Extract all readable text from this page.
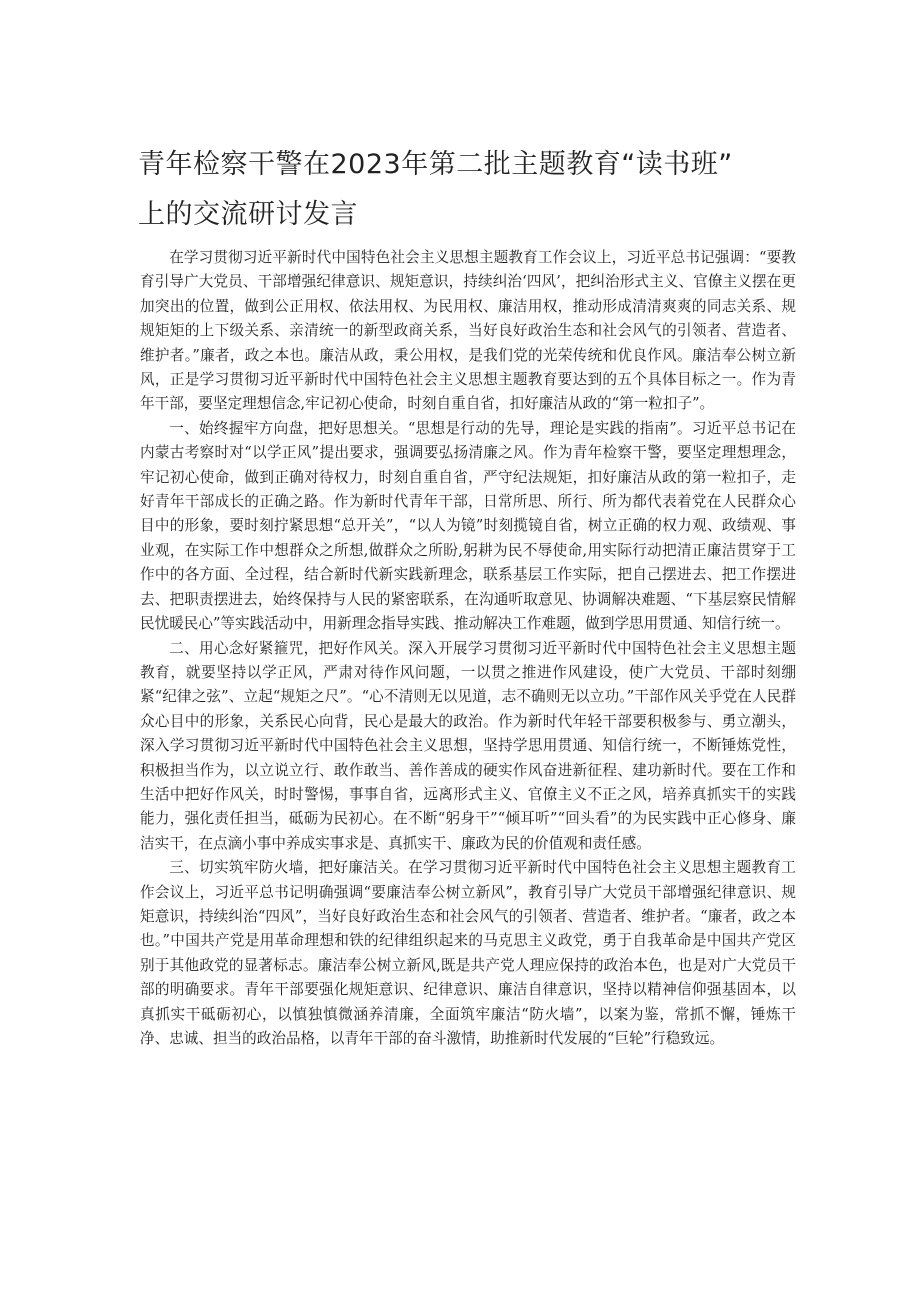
青年检察干警在2023年第二批主题教育“读书班”
上的交流研讨发言

在学习贯彻习近平新时代中国特色社会主义思想主题教育工作会议上，习近平总书记强调：“要教育引导广大党员、干部增强纪律意识、规矩意识，持续纠治‘四风’，把纠治形式主义、官僚主义摆在更加突出的位置，做到公正用权、依法用权、为民用权、廉洁用权，推动形成清清爽爽的同志关系、规规矩矩的上下级关系、亲清统一的新型政商关系，当好良好政治生态和社会风气的引领者、营造者、维护者。”廉者，政之本也。廉洁从政，秉公用权，是我们党的光荣传统和优良作风。廉洁奉公树立新风，正是学习贯彻习近平新时代中国特色社会主义思想主题教育要达到的五个具体目标之一。作为青年干部，要坚定理想信念,牢记初心使命，时刻自重自省，扣好廉洁从政的“第一粒扣子”。

一、始终握牢方向盘，把好思想关。“思想是行动的先导，理论是实践的指南”。习近平总书记在内蒙古考察时对“以学正风”提出要求，强调要弘扬清廉之风。作为青年检察干警，要坚定理想理念，牢记初心使命，做到正确对待权力，时刻自重自省，严守纪法规矩，扣好廉洁从政的第一粒扣子，走好青年干部成长的正确之路。作为新时代青年干部，日常所思、所行、所为都代表着党在人民群众心目中的形象，要时刻拧紧思想“总开关”，“以人为镜”时刻揽镜自省，树立正确的权力观、政绩观、事业观，在实际工作中想群众之所想,做群众之所盼,躬耕为民不辱使命,用实际行动把清正廉洁贯穿于工作中的各方面、全过程，结合新时代新实践新理念，联系基层工作实际，把自己摆进去、把工作摆进去、把职责摆进去，始终保持与人民的紧密联系，在沟通听取意见、协调解决难题、“下基层察民情解民忧暖民心”等实践活动中，用新理念指导实践、推动解决工作难题，做到学思用贯通、知信行统一。

二、用心念好紧箍咒，把好作风关。深入开展学习贯彻习近平新时代中国特色社会主义思想主题教育，就要坚持以学正风，严肃对待作风问题，一以贯之推进作风建设，使广大党员、干部时刻绷紧“纪律之弦”、立起“规矩之尺”。“心不清则无以见道，志不确则无以立功。”干部作风关乎党在人民群众心目中的形象，关系民心向背，民心是最大的政治。作为新时代年轻干部要积极参与、勇立潮头，深入学习贯彻习近平新时代中国特色社会主义思想，坚持学思用贯通、知信行统一，不断锤炼党性，积极担当作为，以立说立行、敢作敢当、善作善成的硬实作风奋进新征程、建功新时代。要在工作和生活中把好作风关，时时警惕，事事自省，远离形式主义、官僚主义不正之风，培养真抓实干的实践能力，强化责任担当，砥砺为民初心。在不断“躬身干”“倾耳听”“回头看”的为民实践中正心修身、廉洁实干，在点滴小事中养成实事求是、真抓实干、廉政为民的价值观和责任感。

三、切实筑牢防火墙，把好廉洁关。在学习贯彻习近平新时代中国特色社会主义思想主题教育工作会议上，习近平总书记明确强调“要廉洁奉公树立新风”，教育引导广大党员干部增强纪律意识、规矩意识，持续纠治“四风”，当好良好政治生态和社会风气的引领者、营造者、维护者。“廉者，政之本也。”中国共产党是用革命理想和铁的纪律组织起来的马克思主义政党，勇于自我革命是中国共产党区别于其他政党的显著标志。廉洁奉公树立新风,既是共产党人理应保持的政治本色，也是对广大党员干部的明确要求。青年干部要强化规矩意识、纪律意识、廉洁自律意识，坚持以精神信仰强基固本，以真抓实干砥砺初心，以慎独慎微涵养清廉，全面筑牢廉洁“防火墙”，以案为鉴，常抓不懈，锤炼干净、忠诚、担当的政治品格，以青年干部的奋斗激情，助推新时代发展的“巨轮”行稳致远。
